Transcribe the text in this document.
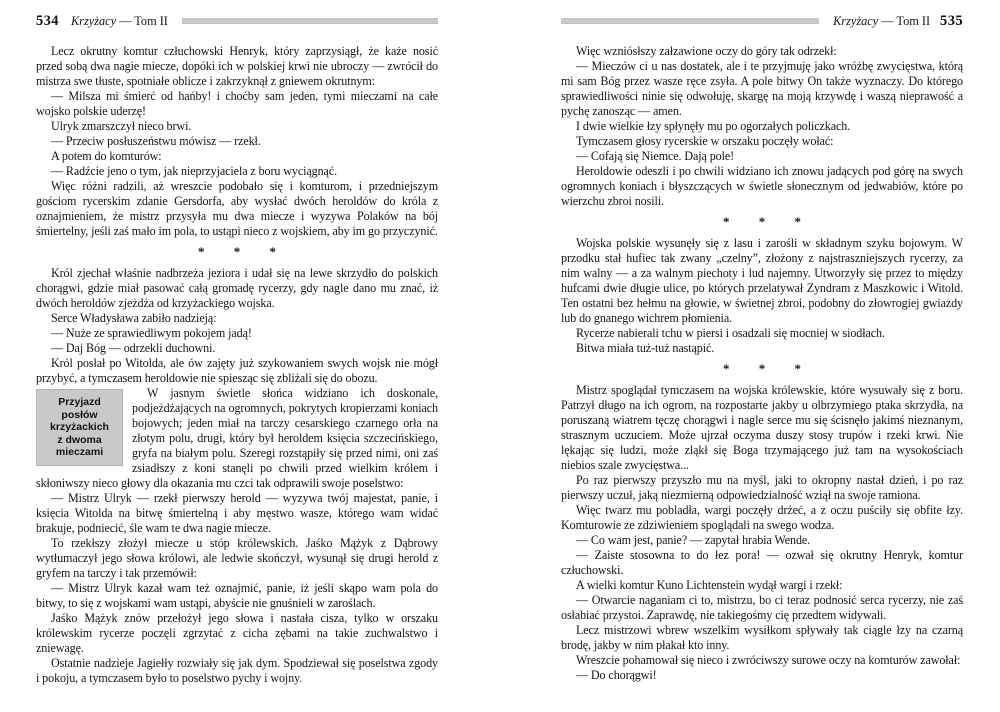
534 Krzyżacy — Tom II
Lecz okrutny komtur człuchowski Henryk, który zaprzysiągł, że każe nosić przed sobą dwa nagie miecze, dopóki ich w polskiej krwi nie ubroczy — zwrócił do mistrza swe tłuste, spotniałe oblicze i zakrzyknął z gniewem okrutnym:
— Milsza mi śmierć od hańby! i choćby sam jeden, tymi mieczami na całe wojsko polskie uderzę!
Ulryk zmarszczył nieco brwi.
— Przeciw posłuszeństwu mówisz — rzekł.
A potem do komturów:
— Radźcie jeno o tym, jak nieprzyjaciela z boru wyciągnąć.
Więc różni radzili, aż wreszcie podobało się i komturom, i przedniejszym gościom rycerskim zdanie Gersdorfa, aby wysłać dwóch heroldów do króla z oznajmieniem, że mistrz przysyła mu dwa miecze i wyzywa Polaków na bój śmiertelny, jeśli zaś mało im pola, to ustąpi nieco z wojskiem, aby im go przyczynić.
* * *
Król zjechał właśnie nadbrzeża jeziora i udał się na lewe skrzydło do polskich chorągwi, gdzie miał pasować całą gromadę rycerzy, gdy nagle dano mu znać, iż dwóch heroldów zjeżdża od krzyżackiego wojska.
Serce Władysława zabiło nadzieją:
— Nuże ze sprawiedliwym pokojem jadą!
— Daj Bóg — odrzekli duchowni.
Król posłał po Witolda, ale ów zajęty już szykowaniem swych wojsk nie mógł przybyć, a tymczasem heroldowie nie spiesząc się zbliżali się do obozu.
Przyjazd posłów
krzyżackich
z dwoma
mieczami
W jasnym świetle słońca widziano ich doskonale, podjeżdżających na ogromnych, pokrytych kropierzami koniach bojowych; jeden miał na tarczy cesarskiego czarnego orła na złotym polu, drugi, który był heroldem księcia szczecińskiego, gryfa na białym polu. Szeregi rozstąpiły się przed nimi, oni zaś zsiadłszy z koni stanęli po chwili przed wielkim królem i skłoniwszy nieco głowy dla okazania mu czci tak odprawili swoje poselstwo:
— Mistrz Ulryk — rzekł pierwszy herold — wyzywa twój majestat, panie, i księcia Witolda na bitwę śmiertelną i aby męstwo wasze, którego wam widać brakuje, podniecić, śle wam te dwa nagie miecze.
To rzekłszy złożył miecze u stóp królewskich. Jaśko Mążyk z Dąbrowy wytłumaczył jego słowa królowi, ale ledwie skończył, wysunął się drugi herold z gryfem na tarczy i tak przemówił:
— Mistrz Ulryk kazał wam też oznajmić, panie, iż jeśli skąpo wam pola do bitwy, to się z wojskami wam ustąpi, abyście nie gnuśnieli w zaroślach.
Jaśko Mążyk znów przełożył jego słowa i nastała cisza, tylko w orszaku królewskim rycerze poczęli zgrzytać z cicha zębami na takie zuchwalstwo i zniewagę.
Ostatnie nadzieje Jagiełły rozwiały się jak dym. Spodziewał się poselstwa zgody i pokoju, a tymczasem było to poselstwo pychy i wojny.
Krzyżacy — Tom II 535
Więc wzniósłszy załzawione oczy do góry tak odrzekł:
— Mieczów ci u nas dostatek, ale i te przyjmuję jako wróżbę zwycięstwa, którą mi sam Bóg przez wasze ręce zsyła. A pole bitwy On także wyznaczy. Do którego sprawiedliwości ninie się odwołuję, skargę na moją krzywdę i waszą nieprawość a pychę zanosząc — amen.
I dwie wielkie łzy spłynęły mu po ogorzałych policzkach.
Tymczasem głosy rycerskie w orszaku poczęły wołać:
— Cofają się Niemce. Dają pole!
Heroldowie odeszli i po chwili widziano ich znowu jadących pod górę na swych ogromnych koniach i błyszczących w świetle słonecznym od jedwabiów, które po wierzchu zbroi nosili.
* * *
Wojska polskie wysunęły się z lasu i zarośli w składnym szyku bojowym. W przodku stał hufiec tak zwany „czelny”, złożony z najstraszniejszych rycerzy, za nim walny — a za walnym piechoty i lud najemny. Utworzyły się przez to między hufcami dwie długie ulice, po których przelatywał Zyndram z Maszkowic i Witold. Ten ostatni bez hełmu na głowie, w świetnej zbroi, podobny do złowrogiej gwiazdy lub do gnanego wichrem płomienia.
Rycerze nabierali tchu w piersi i osadzali się mocniej w siodłach.
Bitwa miała tuż-tuż nastąpić.
* * *
Mistrz spoglądał tymczasem na wojska królewskie, które wysuwały się z boru. Patrzył długo na ich ogrom, na rozpostarte jakby u olbrzymiego ptaka skrzydła, na poruszaną wiatrem tęczę chorągwi i nagle serce mu się ścisnęło jakimś nieznanym, strasznym uczuciem. Może ujrzał oczyma duszy stosy trupów i rzeki krwi. Nie lękając się ludzi, może zląkł się Boga trzymającego już tam na wysokościach niebios szale zwycięstwa...
Po raz pierwszy przyszło mu na myśl, jaki to okropny nastał dzień, i po raz pierwszy uczuł, jaką niezmierną odpowiedzialność wziął na swoje ramiona.
Więc twarz mu pobladła, wargi poczęły drżeć, a z oczu puściły się obfite łzy. Komturowie ze zdziwieniem spoglądali na swego wodza.
— Co wam jest, panie? — zapytał hrabia Wende.
— Zaiste stosowna to do łez pora! — ozwał się okrutny Henryk, komtur człuchowski.
A wielki komtur Kuno Lichtenstein wydął wargi i rzekł:
— Otwarcie naganiam ci to, mistrzu, bo ci teraz podnosić serca rycerzy, nie zaś osłabiać przystoi. Zaprawdę, nie takiegośmy cię przedtem widywali.
Lecz mistrzowi wbrew wszelkim wysiłkom spływały tak ciągle łzy na czarną brodę, jakby w nim płakał kto inny.
Wreszcie pohamował się nieco i zwróciwszy surowe oczy na komturów zawołał:
— Do chorągwi!
